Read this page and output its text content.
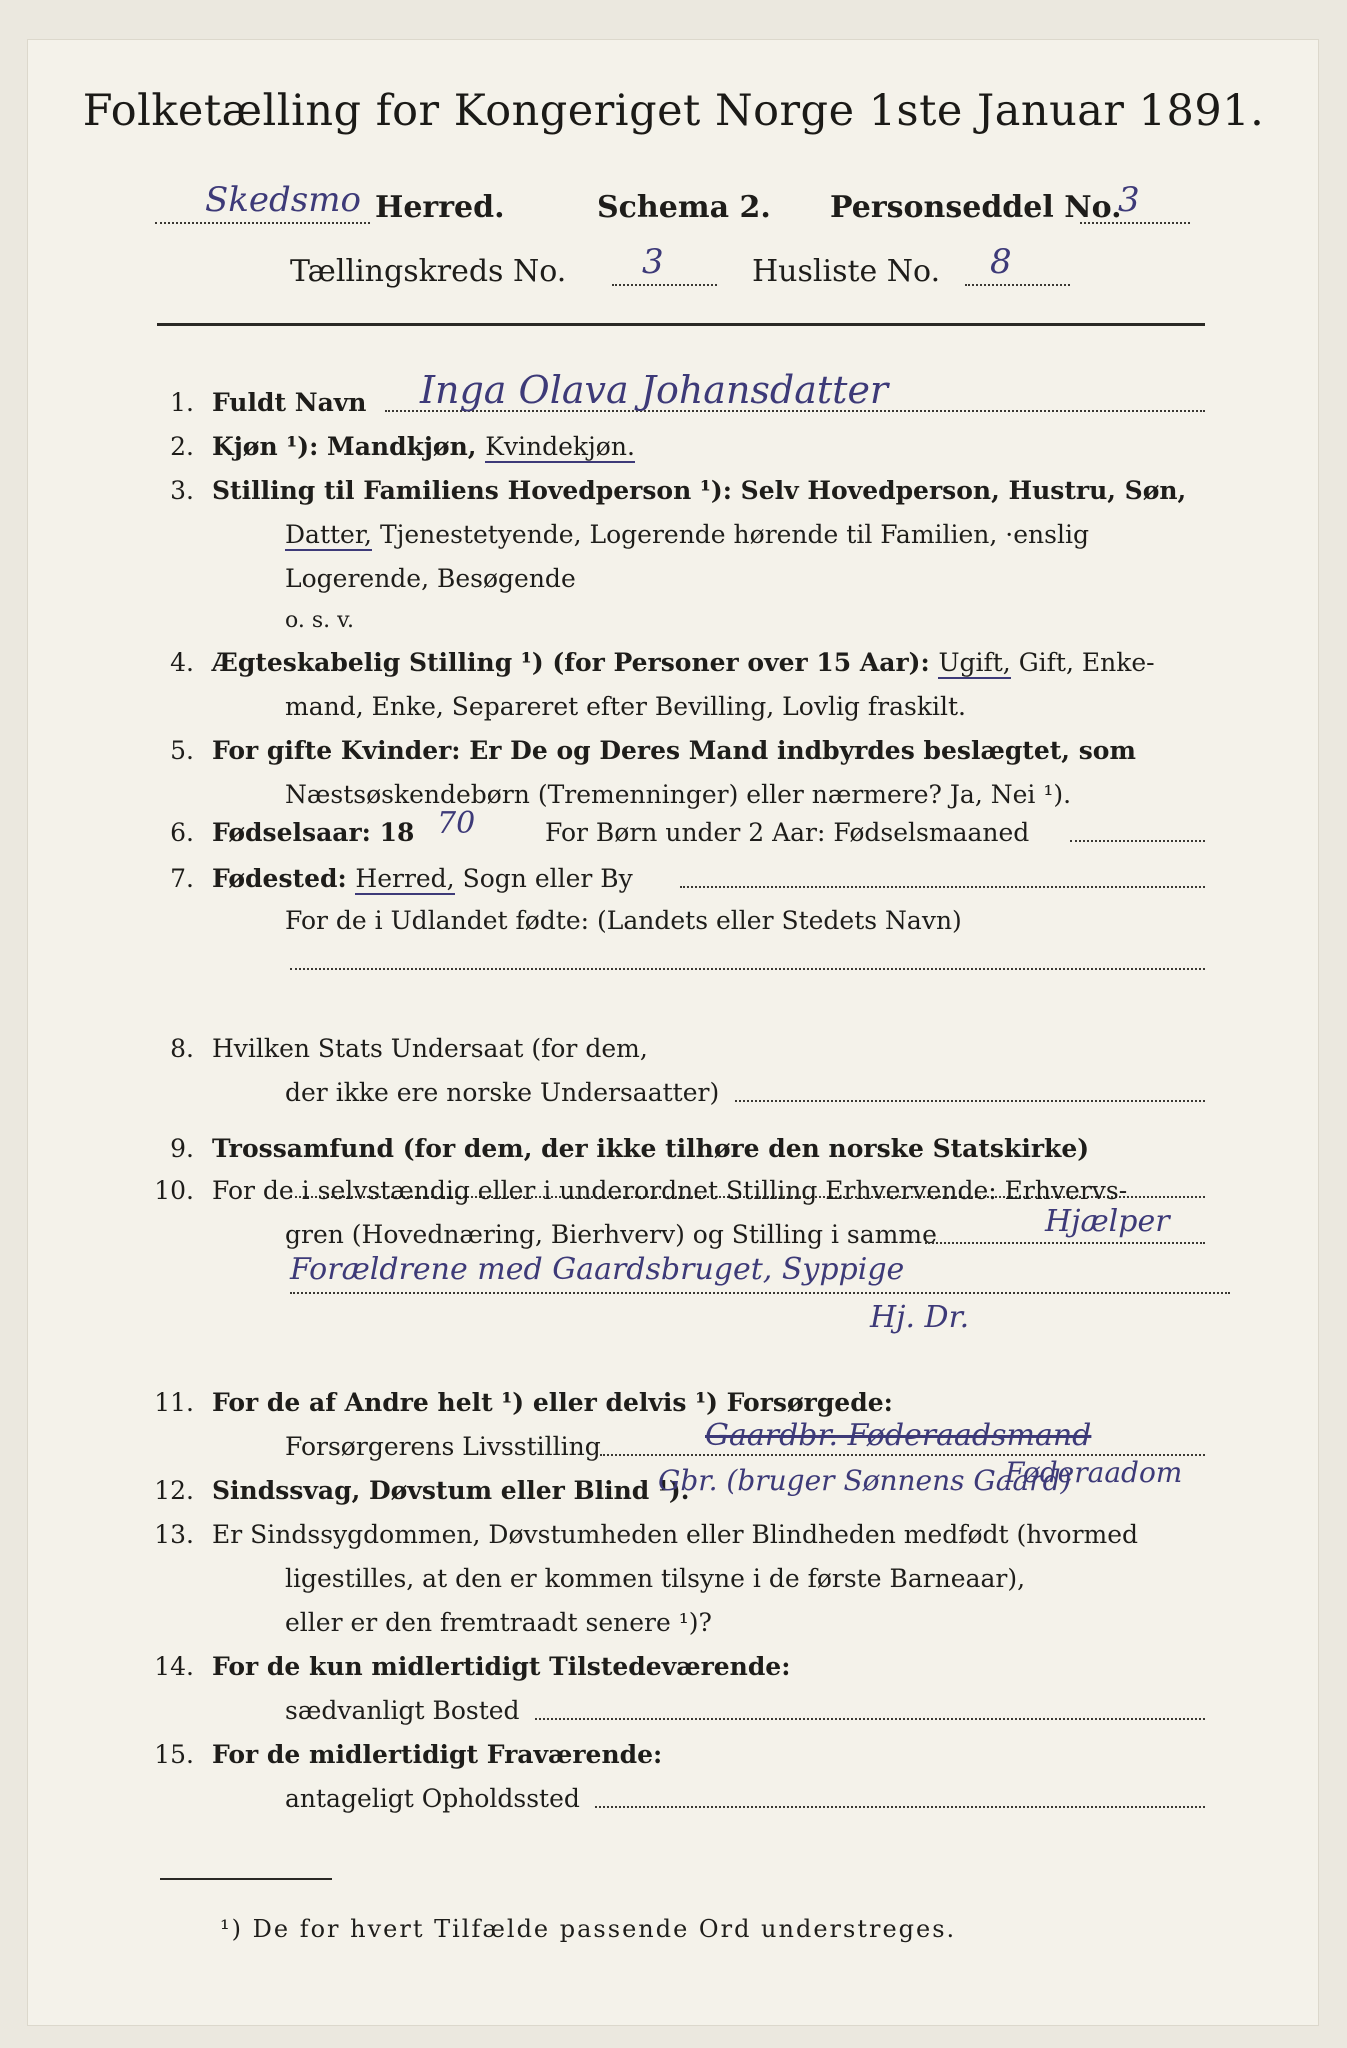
Folketælling for Kongeriget Norge 1ste Januar 1891.
Skedsmo Herred.	Schema 2. Personseddel No.
3
Tællingskreds No. 3	Husliste No. 8
1. Fuldt Navn Inga Olava Johansdatter
2. Kjøn ¹): Mandkjøn, Kvindekjøn.
3. Stilling til Familiens Hovedperson ¹): Selv Hovedperson, Hustru, Søn,
Datter, Tjenestetyende, Logerende hørende til Familien, ·enslig
Logerende, Besøgende
o. s. v.
4. Ægteskabelig Stilling ¹) (for Personer over 15 Aar): Ugift, Gift, Enke-
mand, Enke, Separeret efter Bevilling, Lovlig fraskilt.
5. For gifte Kvinder: Er De og Deres Mand indbyrdes beslægtet, som
Næstsøskendebørn (Tremenninger) eller nærmere? Ja, Nei ¹).
6. Fødselsaar: 18 70	For Børn under 2 Aar: Fødselsmaaned
7. Fødested: Herred, Sogn eller By
For de i Udlandet fødte: (Landets eller Stedets Navn)
8. Hvilken Stats Undersaat (for dem,
der ikke ere norske Undersaatter)
9. Trossamfund (for dem, der ikke tilhøre den norske Statskirke)
10. For de i selvstændig eller i underordnet Stilling Erhvervende: Erhvervs-
gren (Hovednæring, Bierhverv) og Stilling i samme	Hjælper
Forældrene med Gaardsbruget, Syppige
Hj. Dr.
11. For de af Andre helt ¹) eller delvis ¹) Forsørgede:
Forsørgerens Livsstilling	Gaardbr. Føderaadsmand
Føderaadom
12. Sindssvag, Døvstum eller Blind ¹).
Gbr. (bruger Sønnens Gaard)
13. Er Sindssygdommen, Døvstumheden eller Blindheden medfødt (hvormed
ligestilles, at den er kommen tilsyne i de første Barneaar),
eller er den fremtraadt senere ¹)?
14. For de kun midlertidigt Tilstedeværende:
sædvanligt Bosted
15. For de midlertidigt Fraværende:
antageligt Opholdssted
¹) De for hvert Tilfælde passende Ord understreges.
